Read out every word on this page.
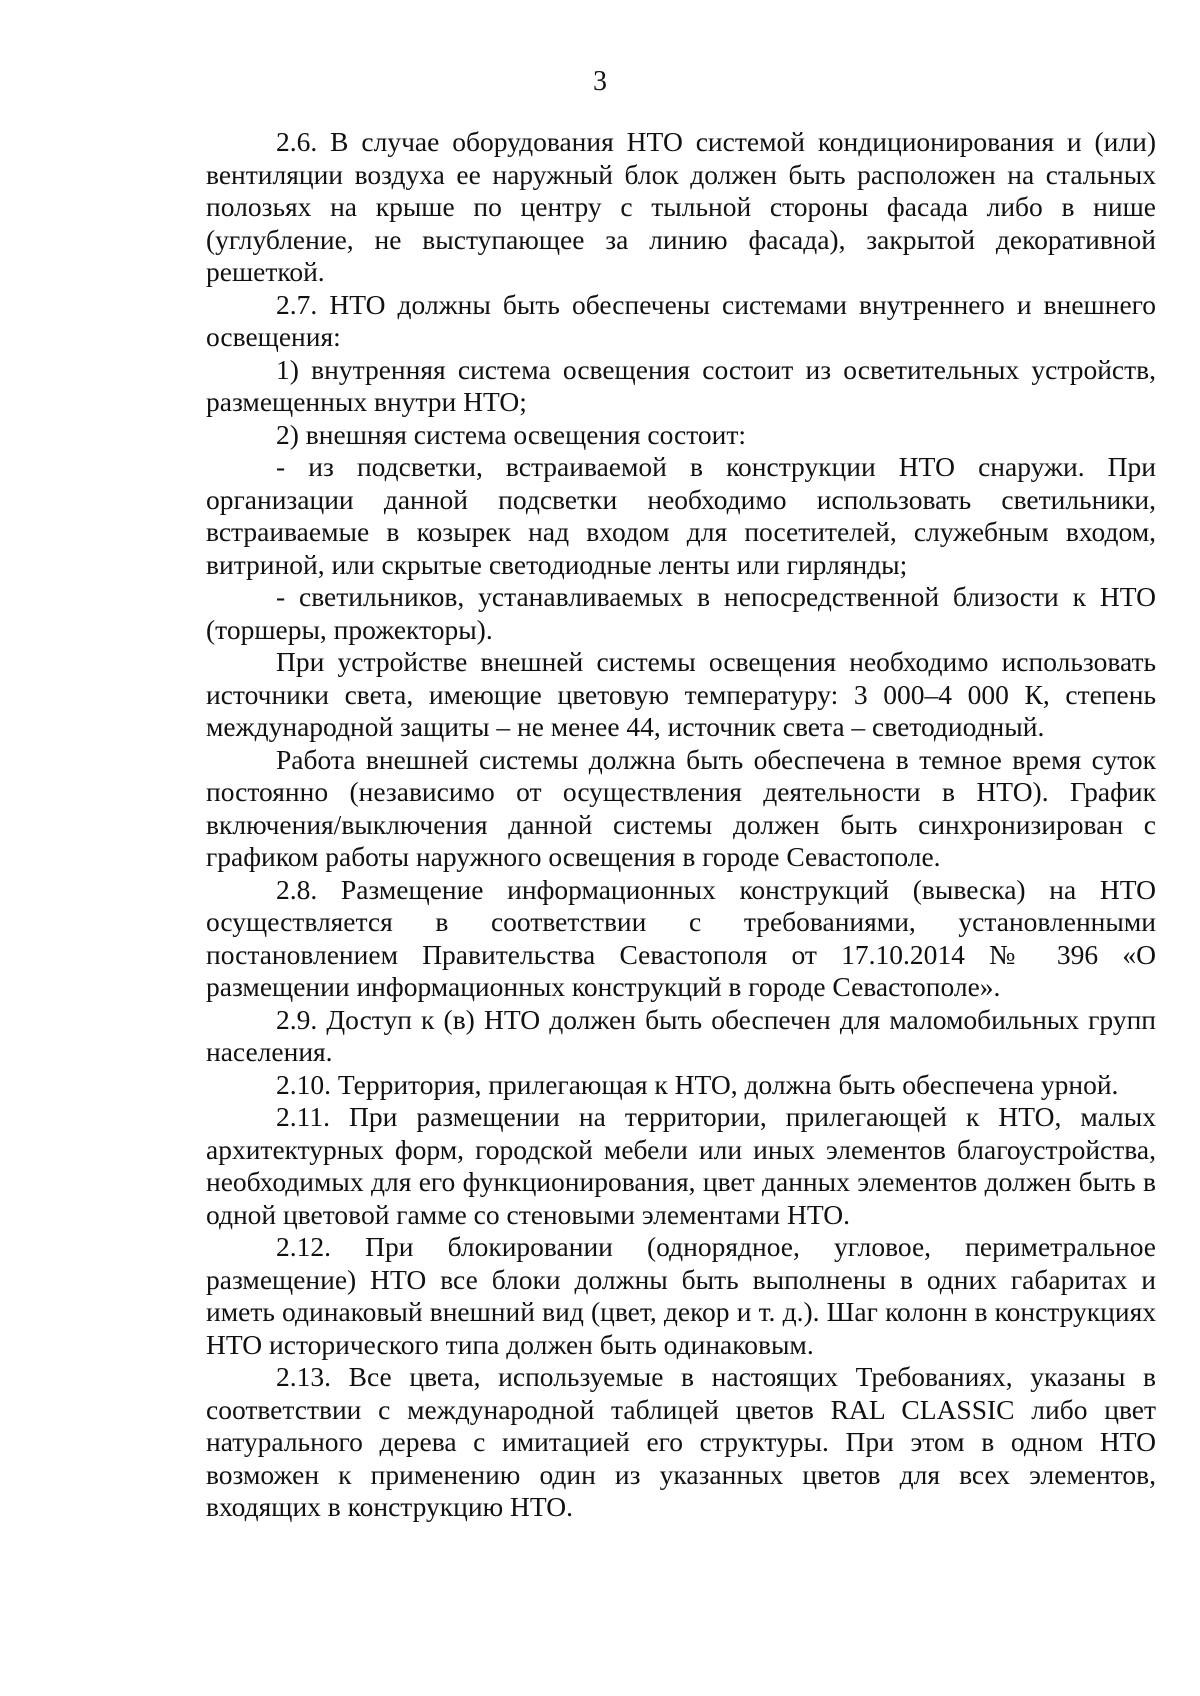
3

2.6. В случае оборудования НТО системой кондиционирования и (или) вентиляции воздуха ее наружный блок должен быть расположен на стальных полозьях на крыше по центру с тыльной стороны фасада либо в нише (углубление, не выступающее за линию фасада), закрытой декоративной решеткой.

2.7. НТО должны быть обеспечены системами внутреннего и внешнего освещения:

1) внутренняя система освещения состоит из осветительных устройств, размещенных внутри НТО;

2) внешняя система освещения состоит:

- из подсветки, встраиваемой в конструкции НТО снаружи. При организации данной подсветки необходимо использовать светильники, встраиваемые в козырек над входом для посетителей, служебным входом, витриной, или скрытые светодиодные ленты или гирлянды;

- светильников, устанавливаемых в непосредственной близости к НТО (торшеры, прожекторы).

При устройстве внешней системы освещения необходимо использовать источники света, имеющие цветовую температуру: 3 000–4 000 К, степень международной защиты – не менее 44, источник света – светодиодный.

Работа внешней системы должна быть обеспечена в темное время суток постоянно (независимо от осуществления деятельности в НТО). График включения/выключения данной системы должен быть синхронизирован с графиком работы наружного освещения в городе Севастополе.

2.8. Размещение информационных конструкций (вывеска) на НТО осуществляется в соответствии с требованиями, установленными постановлением Правительства Севастополя от 17.10.2014 № 396 «О размещении информационных конструкций в городе Севастополе».

2.9. Доступ к (в) НТО должен быть обеспечен для маломобильных групп населения.

2.10. Территория, прилегающая к НТО, должна быть обеспечена урной.

2.11. При размещении на территории, прилегающей к НТО, малых архитектурных форм, городской мебели или иных элементов благоустройства, необходимых для его функционирования, цвет данных элементов должен быть в одной цветовой гамме со стеновыми элементами НТО.

2.12. При блокировании (однорядное, угловое, периметральное размещение) НТО все блоки должны быть выполнены в одних габаритах и иметь одинаковый внешний вид (цвет, декор и т. д.). Шаг колонн в конструкциях НТО исторического типа должен быть одинаковым.

2.13. Все цвета, используемые в настоящих Требованиях, указаны в соответствии с международной таблицей цветов RAL CLASSIC либо цвет натурального дерева с имитацией его структуры. При этом в одном НТО возможен к применению один из указанных цветов для всех элементов, входящих в конструкцию НТО.
